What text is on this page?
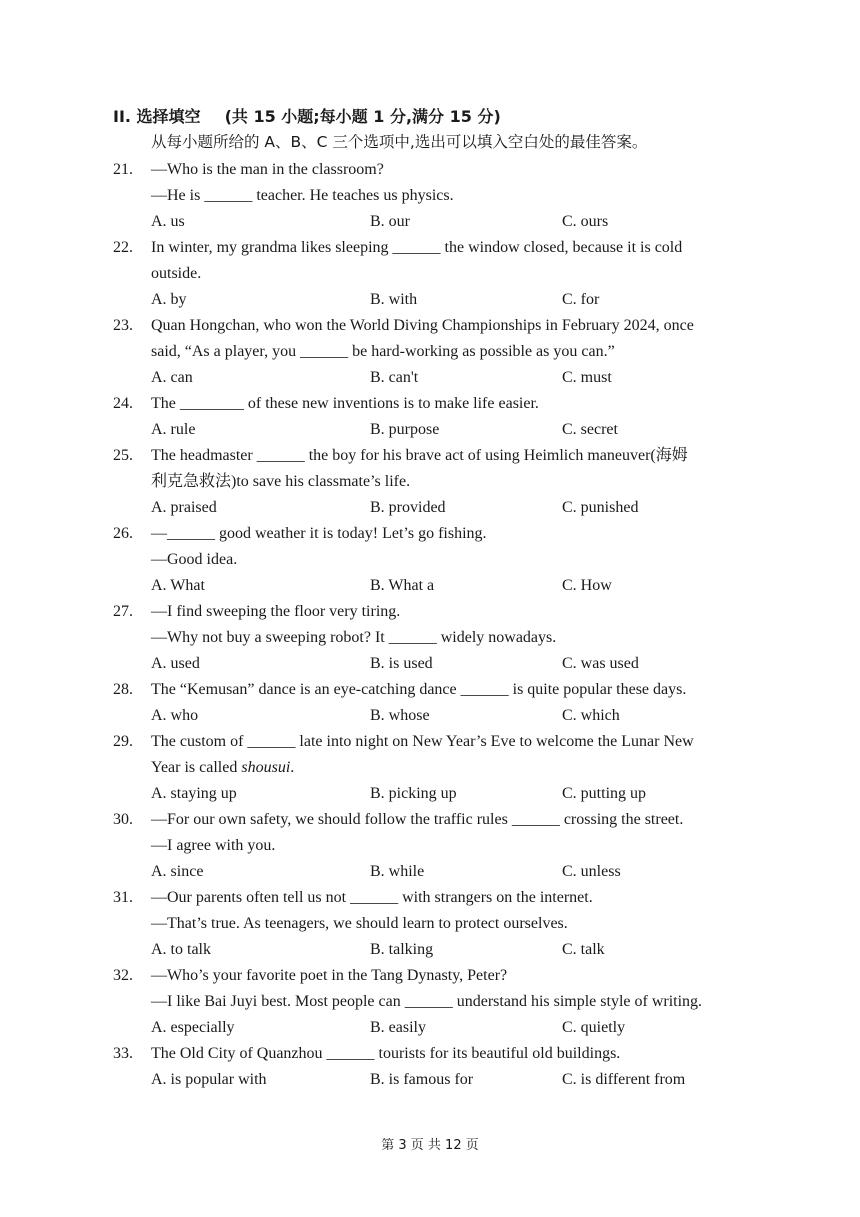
II. 选择填空 (共 15 小题;每小题 1 分,满分 15 分)
从每小题所给的 A、B、C 三个选项中,选出可以填入空白处的最佳答案。
21.	—Who is the man in the classroom?
—He is ______ teacher. He teaches us physics.
A. us	B. our	C. ours
22.	In winter, my grandma likes sleeping ______ the window closed, because it is cold
outside.
A. by	B. with	C. for
23.	Quan Hongchan, who won the World Diving Championships in February 2024, once
said, “As a player, you ______ be hard-working as possible as you can.”
A. can	B. can't	C. must
24.	The ________ of these new inventions is to make life easier.
A. rule	B. purpose	C. secret
25.	The headmaster ______ the boy for his brave act of using Heimlich maneuver(海姆
利克急救法)to save his classmate’s life.
A. praised	B. provided	C. punished
26.	—______ good weather it is today! Let’s go fishing.
—Good idea.
A. What	B. What a	C. How
27.	—I find sweeping the floor very tiring.
—Why not buy a sweeping robot? It ______ widely nowadays.
A. used	B. is used	C. was used
28.	The “Kemusan” dance is an eye-catching dance ______ is quite popular these days.
A. who	B. whose	C. which
29.	The custom of ______ late into night on New Year’s Eve to welcome the Lunar New
Year is called shousui.
A. staying up	B. picking up	C. putting up
30.	—For our own safety, we should follow the traffic rules ______ crossing the street.
—I agree with you.
A. since	B. while	C. unless
31.	—Our parents often tell us not ______ with strangers on the internet.
—That’s true. As teenagers, we should learn to protect ourselves.
A. to talk	B. talking	C. talk
32.	—Who’s your favorite poet in the Tang Dynasty, Peter?
—I like Bai Juyi best. Most people can ______ understand his simple style of writing.
A. especially	B. easily	C. quietly
33.	The Old City of Quanzhou ______ tourists for its beautiful old buildings.
A. is popular with	B. is famous for	C. is different from
第 3 页 共 12 页
